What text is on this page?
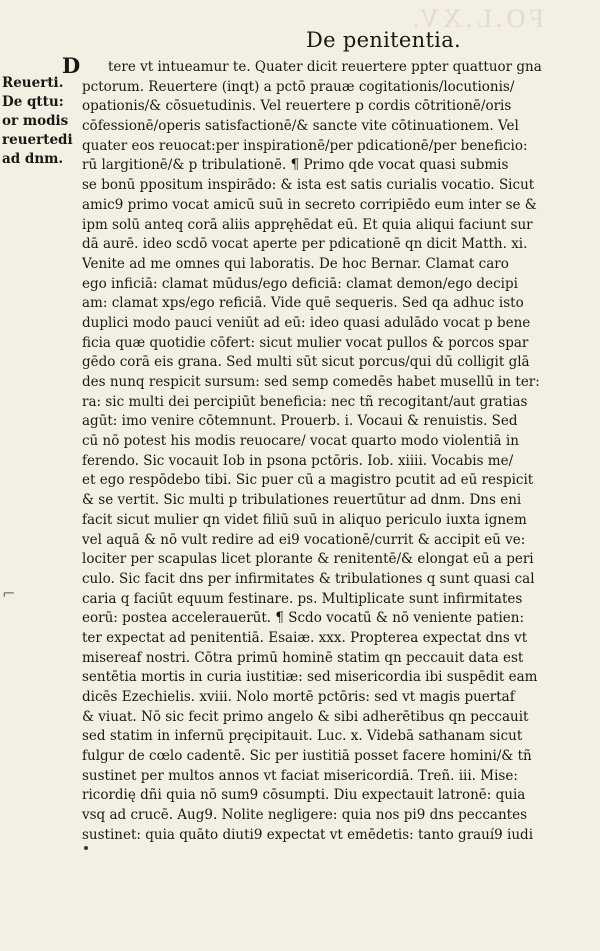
FO.L.XV.
De penitentia.
D
Reuerti.
De qttu:
or modis
reuertedi
ad dnm.
tere vt intueamur te. Quater dicit reuertere ppter quattuor gna
pctorum. Reuertere (inqt) a pctō prauæ cogitationis/locutionis/
opationis/& cōsuetudinis. Vel reuertere p cordis cōtritionē/oris
cōfessionē/operis satisfactionē/& sancte vite cōtinuationem. Vel
quater eos reuocat:per inspirationē/per pdicationē/per beneficio:
rū largitionē/& p tribulationē. ¶ Primo qde vocat quasi submis
se bonū ppositum inspirādo: & ista est satis curialis vocatio. Sicut
amic9 primo vocat amicū suū in secreto corripiēdo eum inter se &
ipm solū anteq corā aliis appręhēdat eū. Et quia aliqui faciunt sur
dā aurē. ideo scdō vocat aperte per pdicationē qn dicit Matth. xi.
Venite ad me omnes qui laboratis. De hoc Bernar. Clamat caro
ego inficiā: clamat mūdus/ego deficiā: clamat demon/ego decipi
am: clamat xps/ego reficiā. Vide quē sequeris. Sed qa adhuc isto
duplici modo pauci veniūt ad eū: ideo quasi adulādo vocat p bene
ficia quæ quotidie cōfert: sicut mulier vocat pullos & porcos spar
gēdo corā eis grana. Sed multi sūt sicut porcus/qui dū colligit glā
des nunq respicit sursum: sed semp comedēs habet musellū in ter:
ra: sic multi dei percipiūt beneficia: nec tñ recogitant/aut gratias
agūt: imo venire cōtemnunt. Prouerb. i. Vocaui & renuistis. Sed
cū nō potest his modis reuocare/ vocat quarto modo violentiā in
ferendo. Sic vocauit Iob in psona pctōris. Iob. xiiii. Vocabis me/
et ego respōdebo tibi. Sic puer cū a magistro pcutit ad eū respicit
& se vertit. Sic multi p tribulationes reuertūtur ad dnm. Dns eni
facit sicut mulier qn videt filiū suū in aliquo periculo iuxta ignem
vel aquā & nō vult redire ad ei9 vocationē/currit & accipit eū ve:
lociter per scapulas licet plorante & renitentē/& elongat eū a peri
culo. Sic facit dns per infirmitates & tribulationes q sunt quasi cal
caria q faciūt equum festinare. ps. Multiplicate sunt infirmitates
eorū: postea accelerauerūt. ¶ Scdo vocatū & nō veniente patien:
ter expectat ad penitentiā. Esaiæ. xxx. Propterea expectat dns vt
misereaf nostri. Cōtra primū hominē statim qn peccauit data est
sentētia mortis in curia iustitiæ: sed misericordia ibi suspēdit eam
dicēs Ezechielis. xviii. Nolo mortē pctōris: sed vt magis puertaf
& viuat. Nō sic fecit primo angelo & sibi adherētibus qn peccauit
sed statim in infernū pręcipitauit. Luc. x. Videbā sathanam sicut
fulgur de cœlo cadentē. Sic per iustitiā posset facere homini/& tñ
sustinet per multos annos vt faciat misericordiā. Treñ. iii. Mise:
ricordię dñi quia nō sum9 cōsumpti. Diu expectauit latronē: quia
vsq ad crucē. Aug9. Nolite negligere: quia nos pi9 dns peccantes
sustinet: quia quāto diuti9 expectat vt emēdetis: tanto grauí9 iudi
⌐
